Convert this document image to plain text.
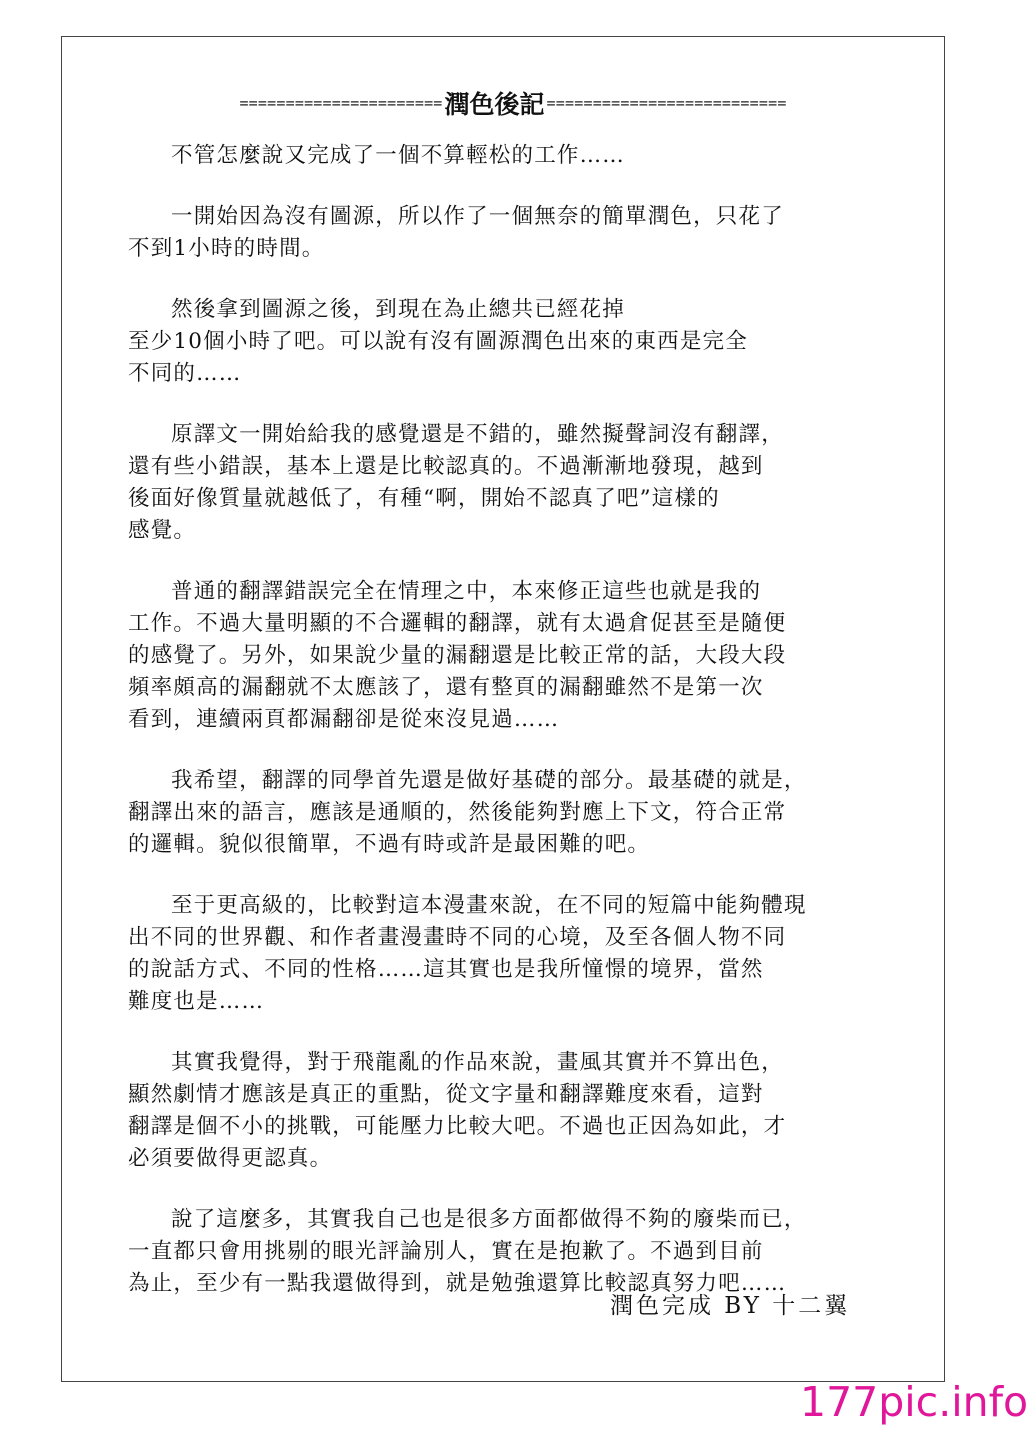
====================== 潤色後記 ==========================

不管怎麼說又完成了一個不算輕松的工作……

一開始因為沒有圖源，所以作了一個無奈的簡單潤色，只花了
不到1小時的時間。

然後拿到圖源之後，到現在為止總共已經花掉
至少10個小時了吧。可以說有沒有圖源潤色出來的東西是完全
不同的……

原譯文一開始給我的感覺還是不錯的，雖然擬聲詞沒有翻譯，
還有些小錯誤，基本上還是比較認真的。不過漸漸地發現，越到
後面好像質量就越低了，有種“啊，開始不認真了吧”這樣的
感覺。

普通的翻譯錯誤完全在情理之中，本來修正這些也就是我的
工作。不過大量明顯的不合邏輯的翻譯，就有太過倉促甚至是隨便
的感覺了。另外，如果說少量的漏翻還是比較正常的話，大段大段
頻率頗高的漏翻就不太應該了，還有整頁的漏翻雖然不是第一次
看到，連續兩頁都漏翻卻是從來沒見過……

我希望，翻譯的同學首先還是做好基礎的部分。最基礎的就是，
翻譯出來的語言，應該是通順的，然後能夠對應上下文，符合正常
的邏輯。貌似很簡單，不過有時或許是最困難的吧。

至于更高級的，比較對這本漫畫來說，在不同的短篇中能夠體現
出不同的世界觀、和作者畫漫畫時不同的心境，及至各個人物不同
的說話方式、不同的性格……這其實也是我所憧憬的境界，當然
難度也是……

其實我覺得，對于飛龍亂的作品來說，畫風其實并不算出色，
顯然劇情才應該是真正的重點，從文字量和翻譯難度來看，這對
翻譯是個不小的挑戰，可能壓力比較大吧。不過也正因為如此，才
必須要做得更認真。

說了這麼多，其實我自己也是很多方面都做得不夠的廢柴而已，
一直都只會用挑剔的眼光評論別人，實在是抱歉了。不過到目前
為止，至少有一點我還做得到，就是勉強還算比較認真努力吧……

潤色完成 BY 十二翼
177pic.info
